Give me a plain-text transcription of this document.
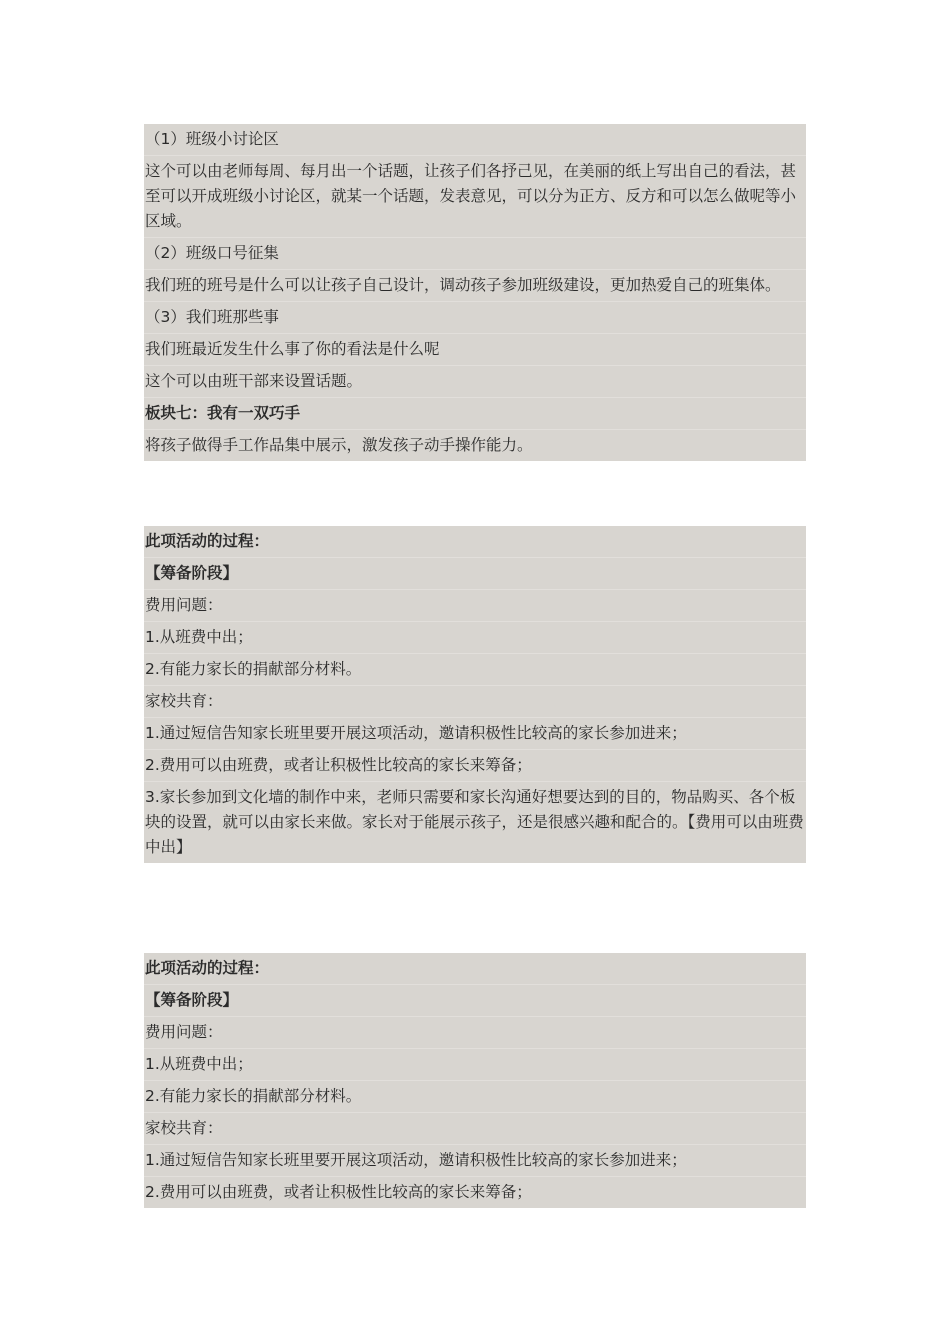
（1）班级小讨论区
这个可以由老师每周、每月出一个话题，让孩子们各抒己见，在美丽的纸上写出自己的看法，甚至可以开成班级小讨论区，就某一个话题，发表意见，可以分为正方、反方和可以怎么做呢等小区域。
（2）班级口号征集
我们班的班号是什么可以让孩子自己设计，调动孩子参加班级建设，更加热爱自己的班集体。
（3）我们班那些事
我们班最近发生什么事了你的看法是什么呢
这个可以由班干部来设置话题。
板块七：我有一双巧手
将孩子做得手工作品集中展示，激发孩子动手操作能力。
此项活动的过程：
【筹备阶段】
费用问题：
1.从班费中出；
2.有能力家长的捐献部分材料。
家校共育：
1.通过短信告知家长班里要开展这项活动，邀请积极性比较高的家长参加进来；
2.费用可以由班费，或者让积极性比较高的家长来筹备；
3.家长参加到文化墙的制作中来，老师只需要和家长沟通好想要达到的目的，物品购买、各个板块的设置，就可以由家长来做。家长对于能展示孩子，还是很感兴趣和配合的。【费用可以由班费中出】
此项活动的过程：
【筹备阶段】
费用问题：
1.从班费中出；
2.有能力家长的捐献部分材料。
家校共育：
1.通过短信告知家长班里要开展这项活动，邀请积极性比较高的家长参加进来；
2.费用可以由班费，或者让积极性比较高的家长来筹备；
